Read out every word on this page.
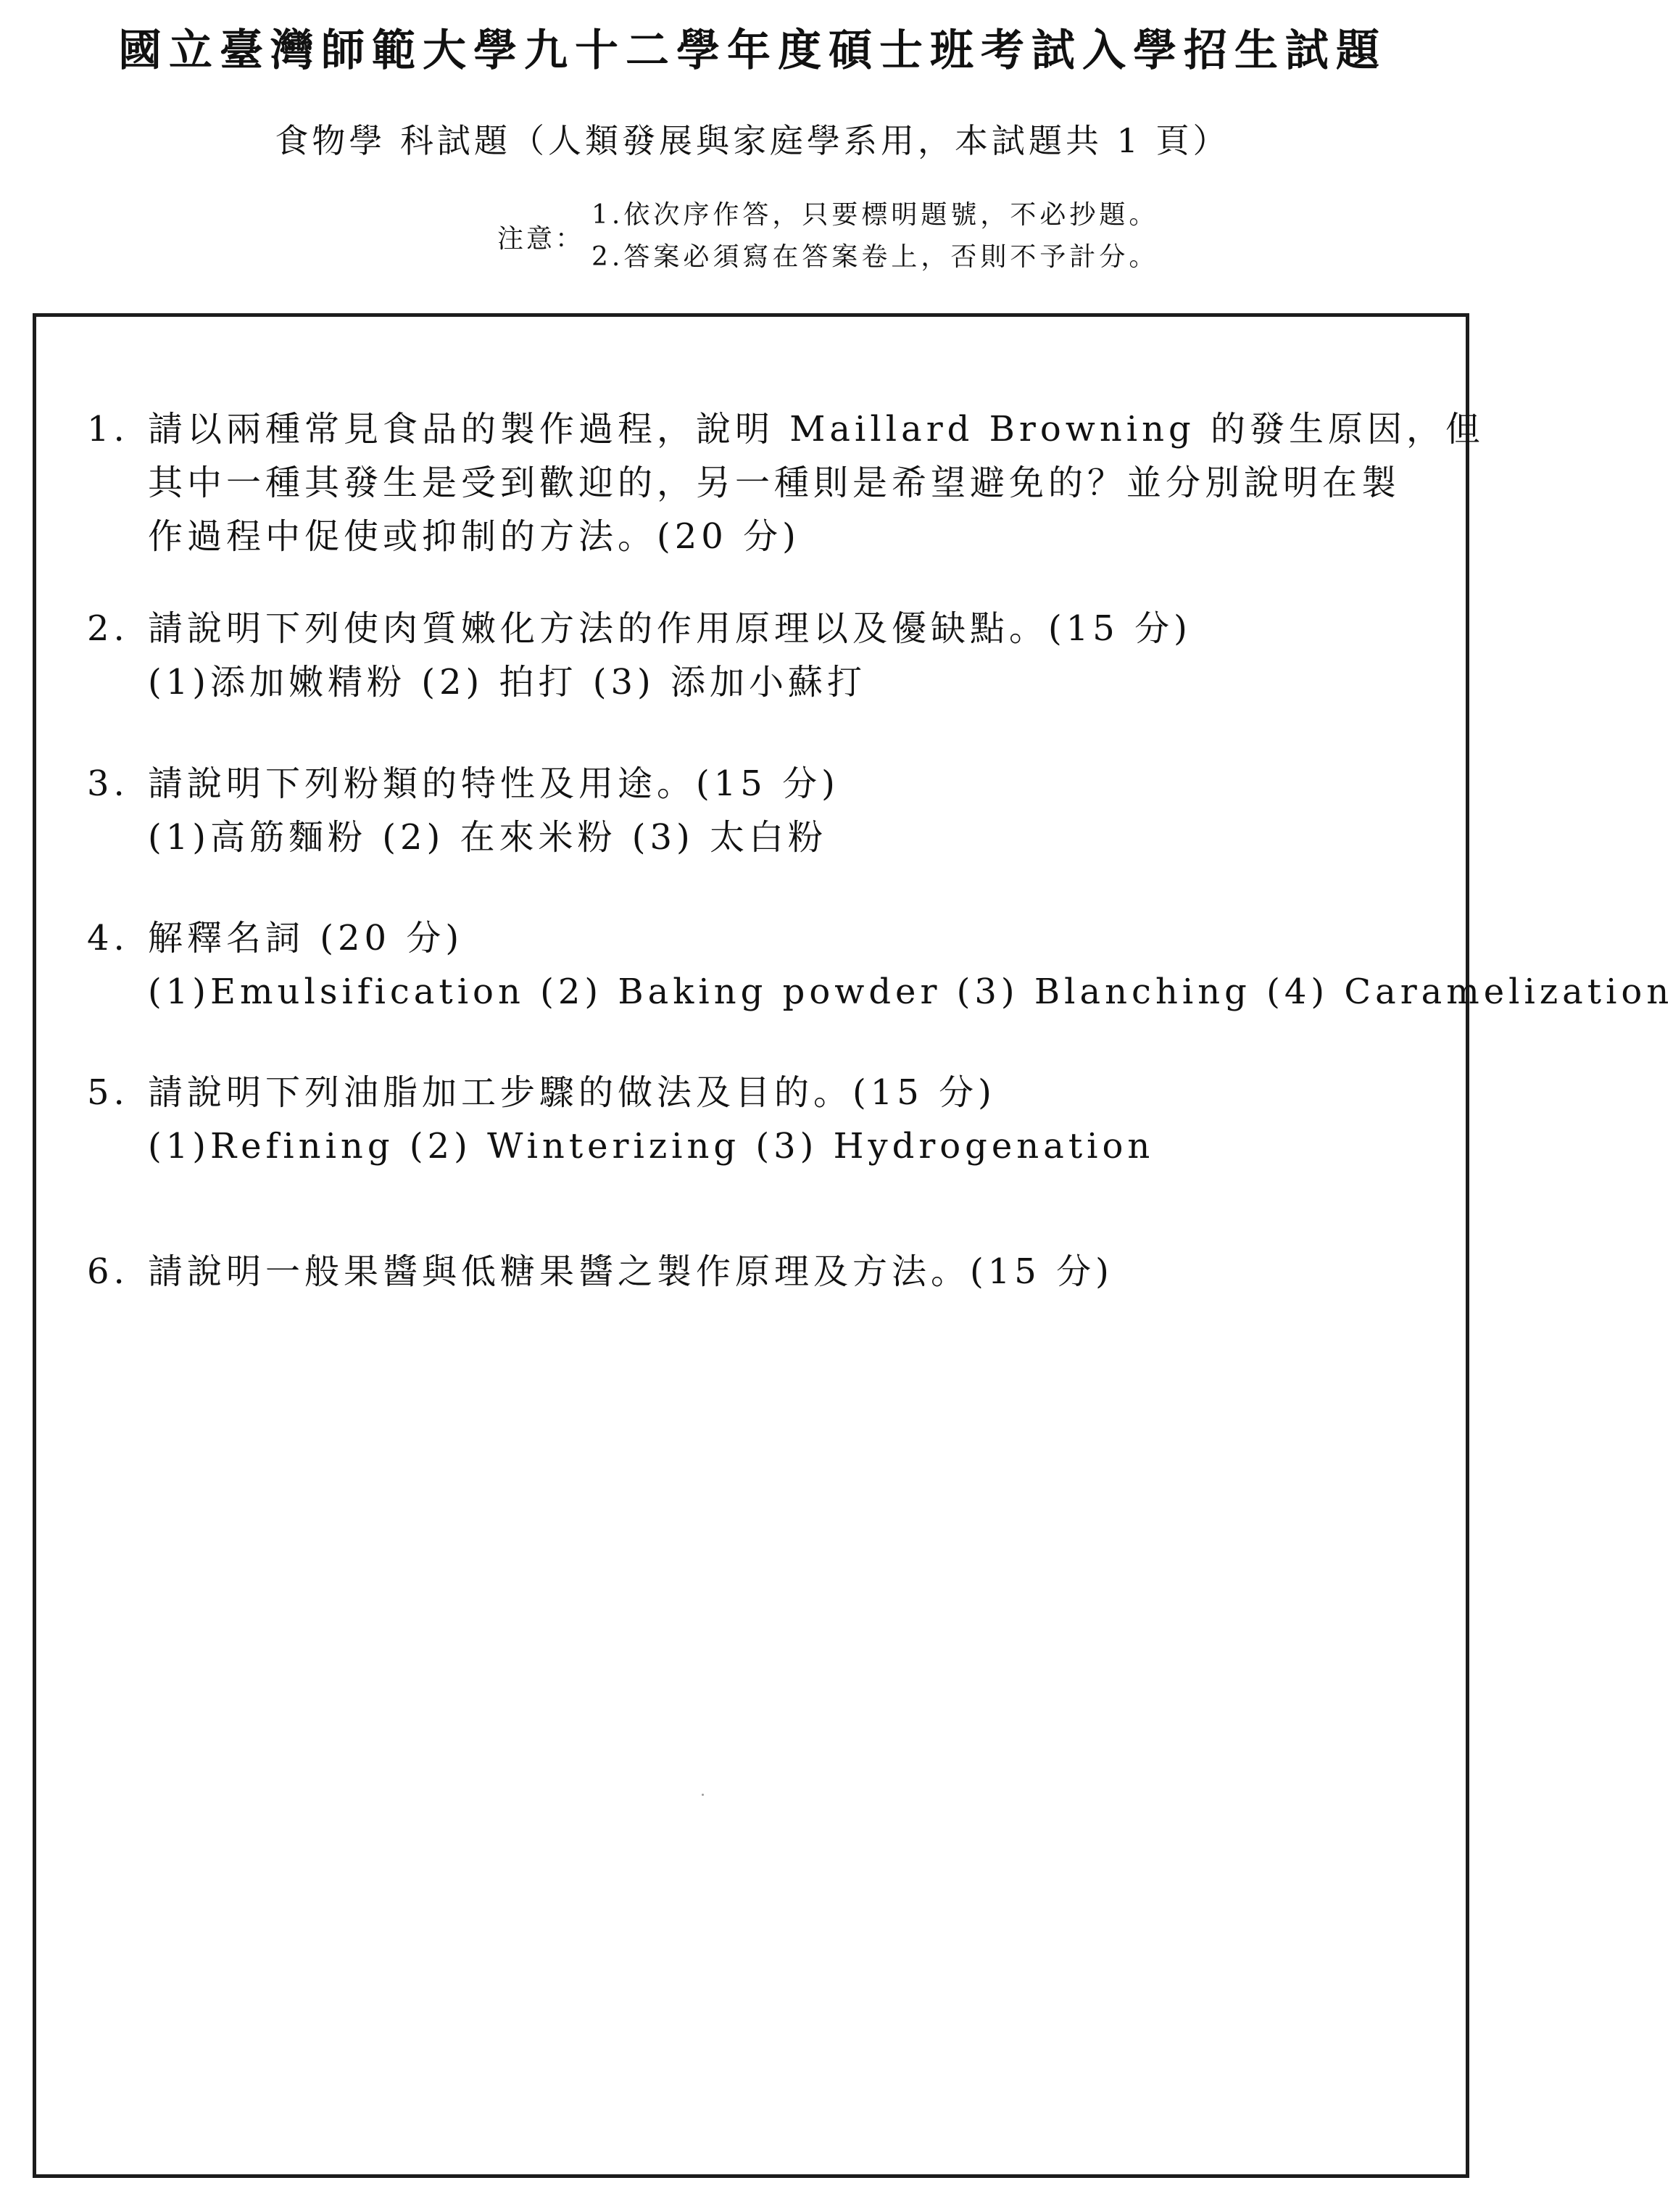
國立臺灣師範大學九十二學年度碩士班考試入學招生試題
食物學 科試題（人類發展與家庭學系用，本試題共 1 頁）
注意：
1.依次序作答，只要標明題號，不必抄題。
2.答案必須寫在答案卷上，否則不予計分。
1. 請以兩種常見食品的製作過程，說明 Maillard Browning 的發生原因，但
其中一種其發生是受到歡迎的，另一種則是希望避免的？並分別說明在製
作過程中促使或抑制的方法。(20 分)
2. 請說明下列使肉質嫩化方法的作用原理以及優缺點。(15 分)
(1)添加嫩精粉 (2) 拍打 (3) 添加小蘇打
3. 請說明下列粉類的特性及用途。(15 分)
(1)高筋麵粉 (2) 在來米粉 (3) 太白粉
4. 解釋名詞 (20 分)
(1)Emulsification (2) Baking powder (3) Blanching (4) Caramelization
5. 請說明下列油脂加工步驟的做法及目的。(15 分)
(1)Refining (2) Winterizing (3) Hydrogenation
6. 請說明一般果醬與低糖果醬之製作原理及方法。(15 分)
